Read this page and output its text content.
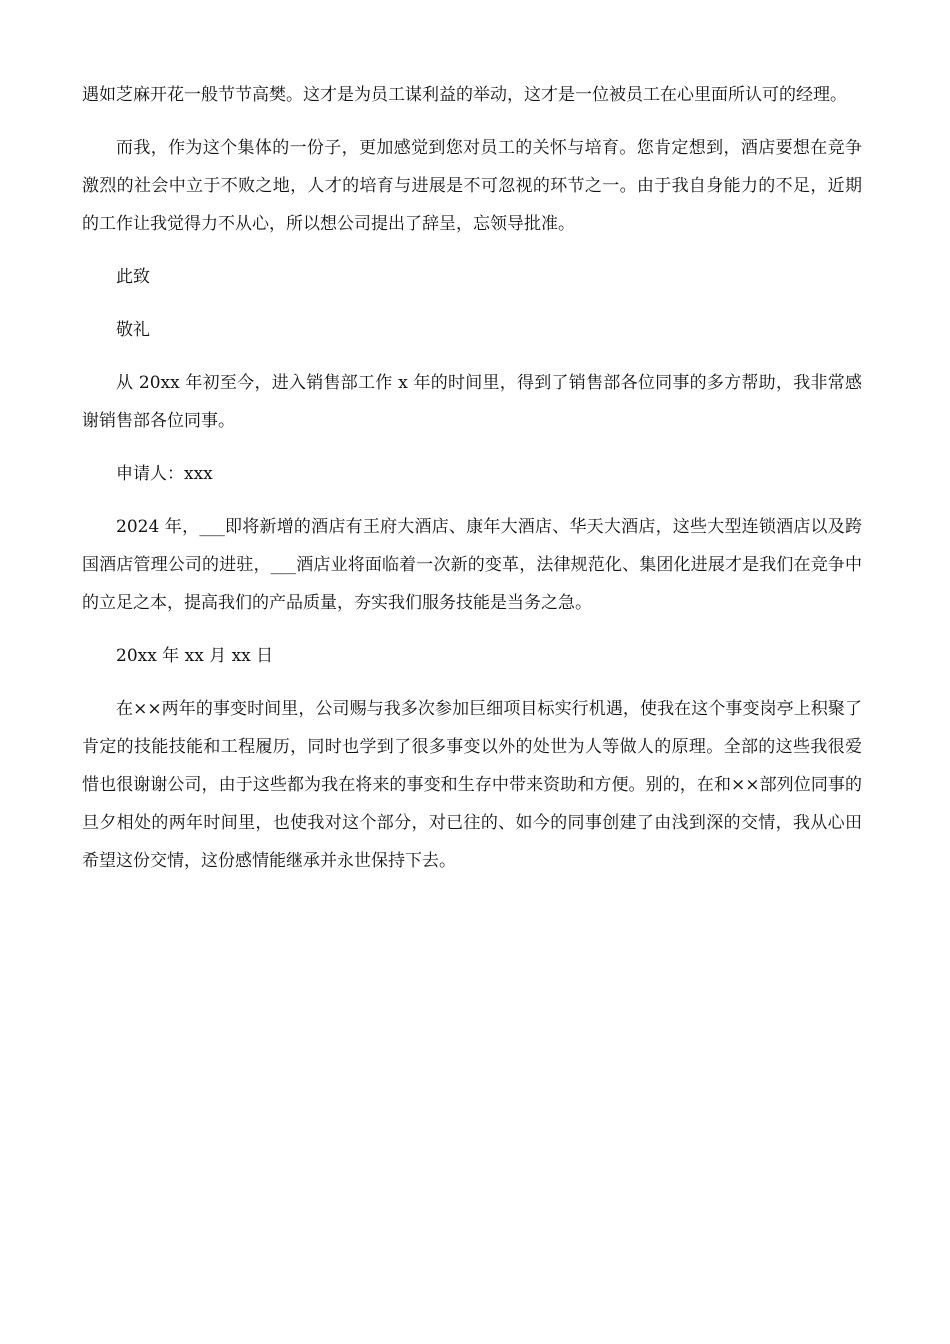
遇如芝麻开花一般节节高樊。这才是为员工谋利益的举动，这才是一位被员工在心里面所认可的经理。

而我，作为这个集体的一份子，更加感觉到您对员工的关怀与培育。您肯定想到，酒店要想在竞争激烈的社会中立于不败之地，人才的培育与进展是不可忽视的环节之一。由于我自身能力的不足，近期的工作让我觉得力不从心，所以想公司提出了辞呈，忘领导批准。

此致

敬礼

从 20xx 年初至今，进入销售部工作 x 年的时间里，得到了销售部各位同事的多方帮助，我非常感谢销售部各位同事。

申请人：xxx

2024 年，___即将新增的酒店有王府大酒店、康年大酒店、华天大酒店，这些大型连锁酒店以及跨国酒店管理公司的进驻，___酒店业将面临着一次新的变革，法律规范化、集团化进展才是我们在竞争中的立足之本，提高我们的产品质量，夯实我们服务技能是当务之急。

20xx 年 xx 月 xx 日

在××两年的事变时间里，公司赐与我多次参加巨细项目标实行机遇，使我在这个事变岗亭上积聚了肯定的技能技能和工程履历，同时也学到了很多事变以外的处世为人等做人的原理。全部的这些我很爱惜也很谢谢公司，由于这些都为我在将来的事变和生存中带来资助和方便。别的，在和××部列位同事的旦夕相处的两年时间里，也使我对这个部分，对已往的、如今的同事创建了由浅到深的交情，我从心田希望这份交情，这份感情能继承并永世保持下去。
